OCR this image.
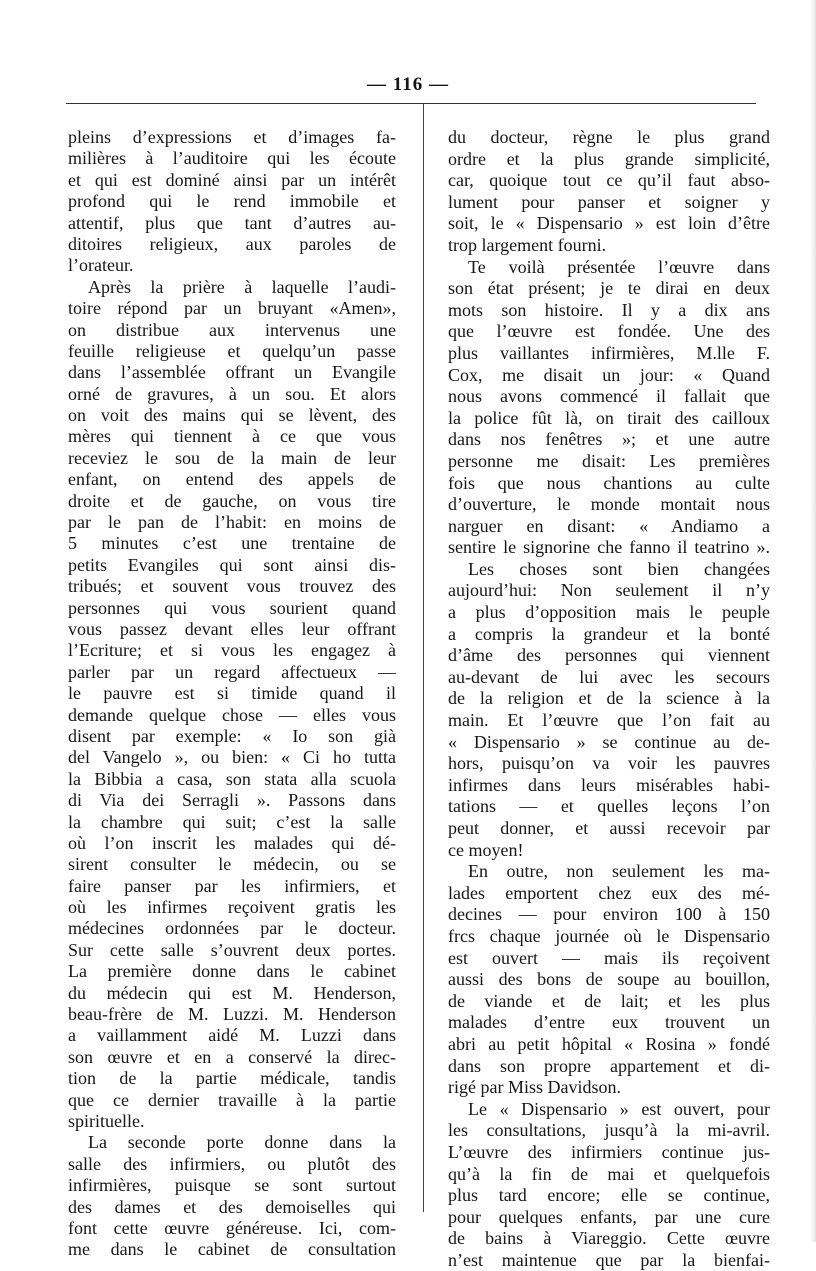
— 116 —
pleins d’expressions et d’images fa-
milières à l’auditoire qui les écoute
et qui est dominé ainsi par un intérêt
profond qui le rend immobile et
attentif, plus que tant d’autres au-
ditoires religieux, aux paroles de
l’orateur.
Après la prière à laquelle l’audi-
toire répond par un bruyant «Amen»,
on distribue aux intervenus une
feuille religieuse et quelqu’un passe
dans l’assemblée offrant un Evangile
orné de gravures, à un sou. Et alors
on voit des mains qui se lèvent, des
mères qui tiennent à ce que vous
receviez le sou de la main de leur
enfant, on entend des appels de
droite et de gauche, on vous tire
par le pan de l’habit: en moins de
5 minutes c’est une trentaine de
petits Evangiles qui sont ainsi dis-
tribués; et souvent vous trouvez des
personnes qui vous sourient quand
vous passez devant elles leur offrant
l’Ecriture; et si vous les engagez à
parler par un regard affectueux —
le pauvre est si timide quand il
demande quelque chose — elles vous
disent par exemple: « Io son già
del Vangelo », ou bien: « Ci ho tutta
la Bibbia a casa, son stata alla scuola
di Via dei Serragli ». Passons dans
la chambre qui suit; c’est la salle
où l’on inscrit les malades qui dé-
sirent consulter le médecin, ou se
faire panser par les infirmiers, et
où les infirmes reçoivent gratis les
médecines ordonnées par le docteur.
Sur cette salle s’ouvrent deux portes.
La première donne dans le cabinet
du médecin qui est M. Henderson,
beau-frère de M. Luzzi. M. Henderson
a vaillamment aidé M. Luzzi dans
son œuvre et en a conservé la direc-
tion de la partie médicale, tandis
que ce dernier travaille à la partie
spirituelle.
La seconde porte donne dans la
salle des infirmiers, ou plutôt des
infirmières, puisque se sont surtout
des dames et des demoiselles qui
font cette œuvre généreuse. Ici, com-
me dans le cabinet de consultation
du docteur, règne le plus grand
ordre et la plus grande simplicité,
car, quoique tout ce qu’il faut abso-
lument pour panser et soigner y
soit, le « Dispensario » est loin d’être
trop largement fourni.
Te voilà présentée l’œuvre dans
son état présent; je te dirai en deux
mots son histoire. Il y a dix ans
que l’œuvre est fondée. Une des
plus vaillantes infirmières, M.lle F.
Cox, me disait un jour: « Quand
nous avons commencé il fallait que
la police fût là, on tirait des cailloux
dans nos fenêtres »; et une autre
personne me disait: Les premières
fois que nous chantions au culte
d’ouverture, le monde montait nous
narguer en disant: « Andiamo a
sentire le signorine che fanno il teatrino ».
Les choses sont bien changées
aujourd’hui: Non seulement il n’y
a plus d’opposition mais le peuple
a compris la grandeur et la bonté
d’âme des personnes qui viennent
au-devant de lui avec les secours
de la religion et de la science à la
main. Et l’œuvre que l’on fait au
« Dispensario » se continue au de-
hors, puisqu’on va voir les pauvres
infirmes dans leurs misérables habi-
tations — et quelles leçons l’on
peut donner, et aussi recevoir par
ce moyen!
En outre, non seulement les ma-
lades emportent chez eux des mé-
decines — pour environ 100 à 150
frcs chaque journée où le Dispensario
est ouvert — mais ils reçoivent
aussi des bons de soupe au bouillon,
de viande et de lait; et les plus
malades d’entre eux trouvent un
abri au petit hôpital « Rosina » fondé
dans son propre appartement et di-
rigé par Miss Davidson.
Le « Dispensario » est ouvert, pour
les consultations, jusqu’à la mi-avril.
L’œuvre des infirmiers continue jus-
qu’à la fin de mai et quelquefois
plus tard encore; elle se continue,
pour quelques enfants, par une cure
de bains à Viareggio. Cette œuvre
n’est maintenue que par la bienfai-
